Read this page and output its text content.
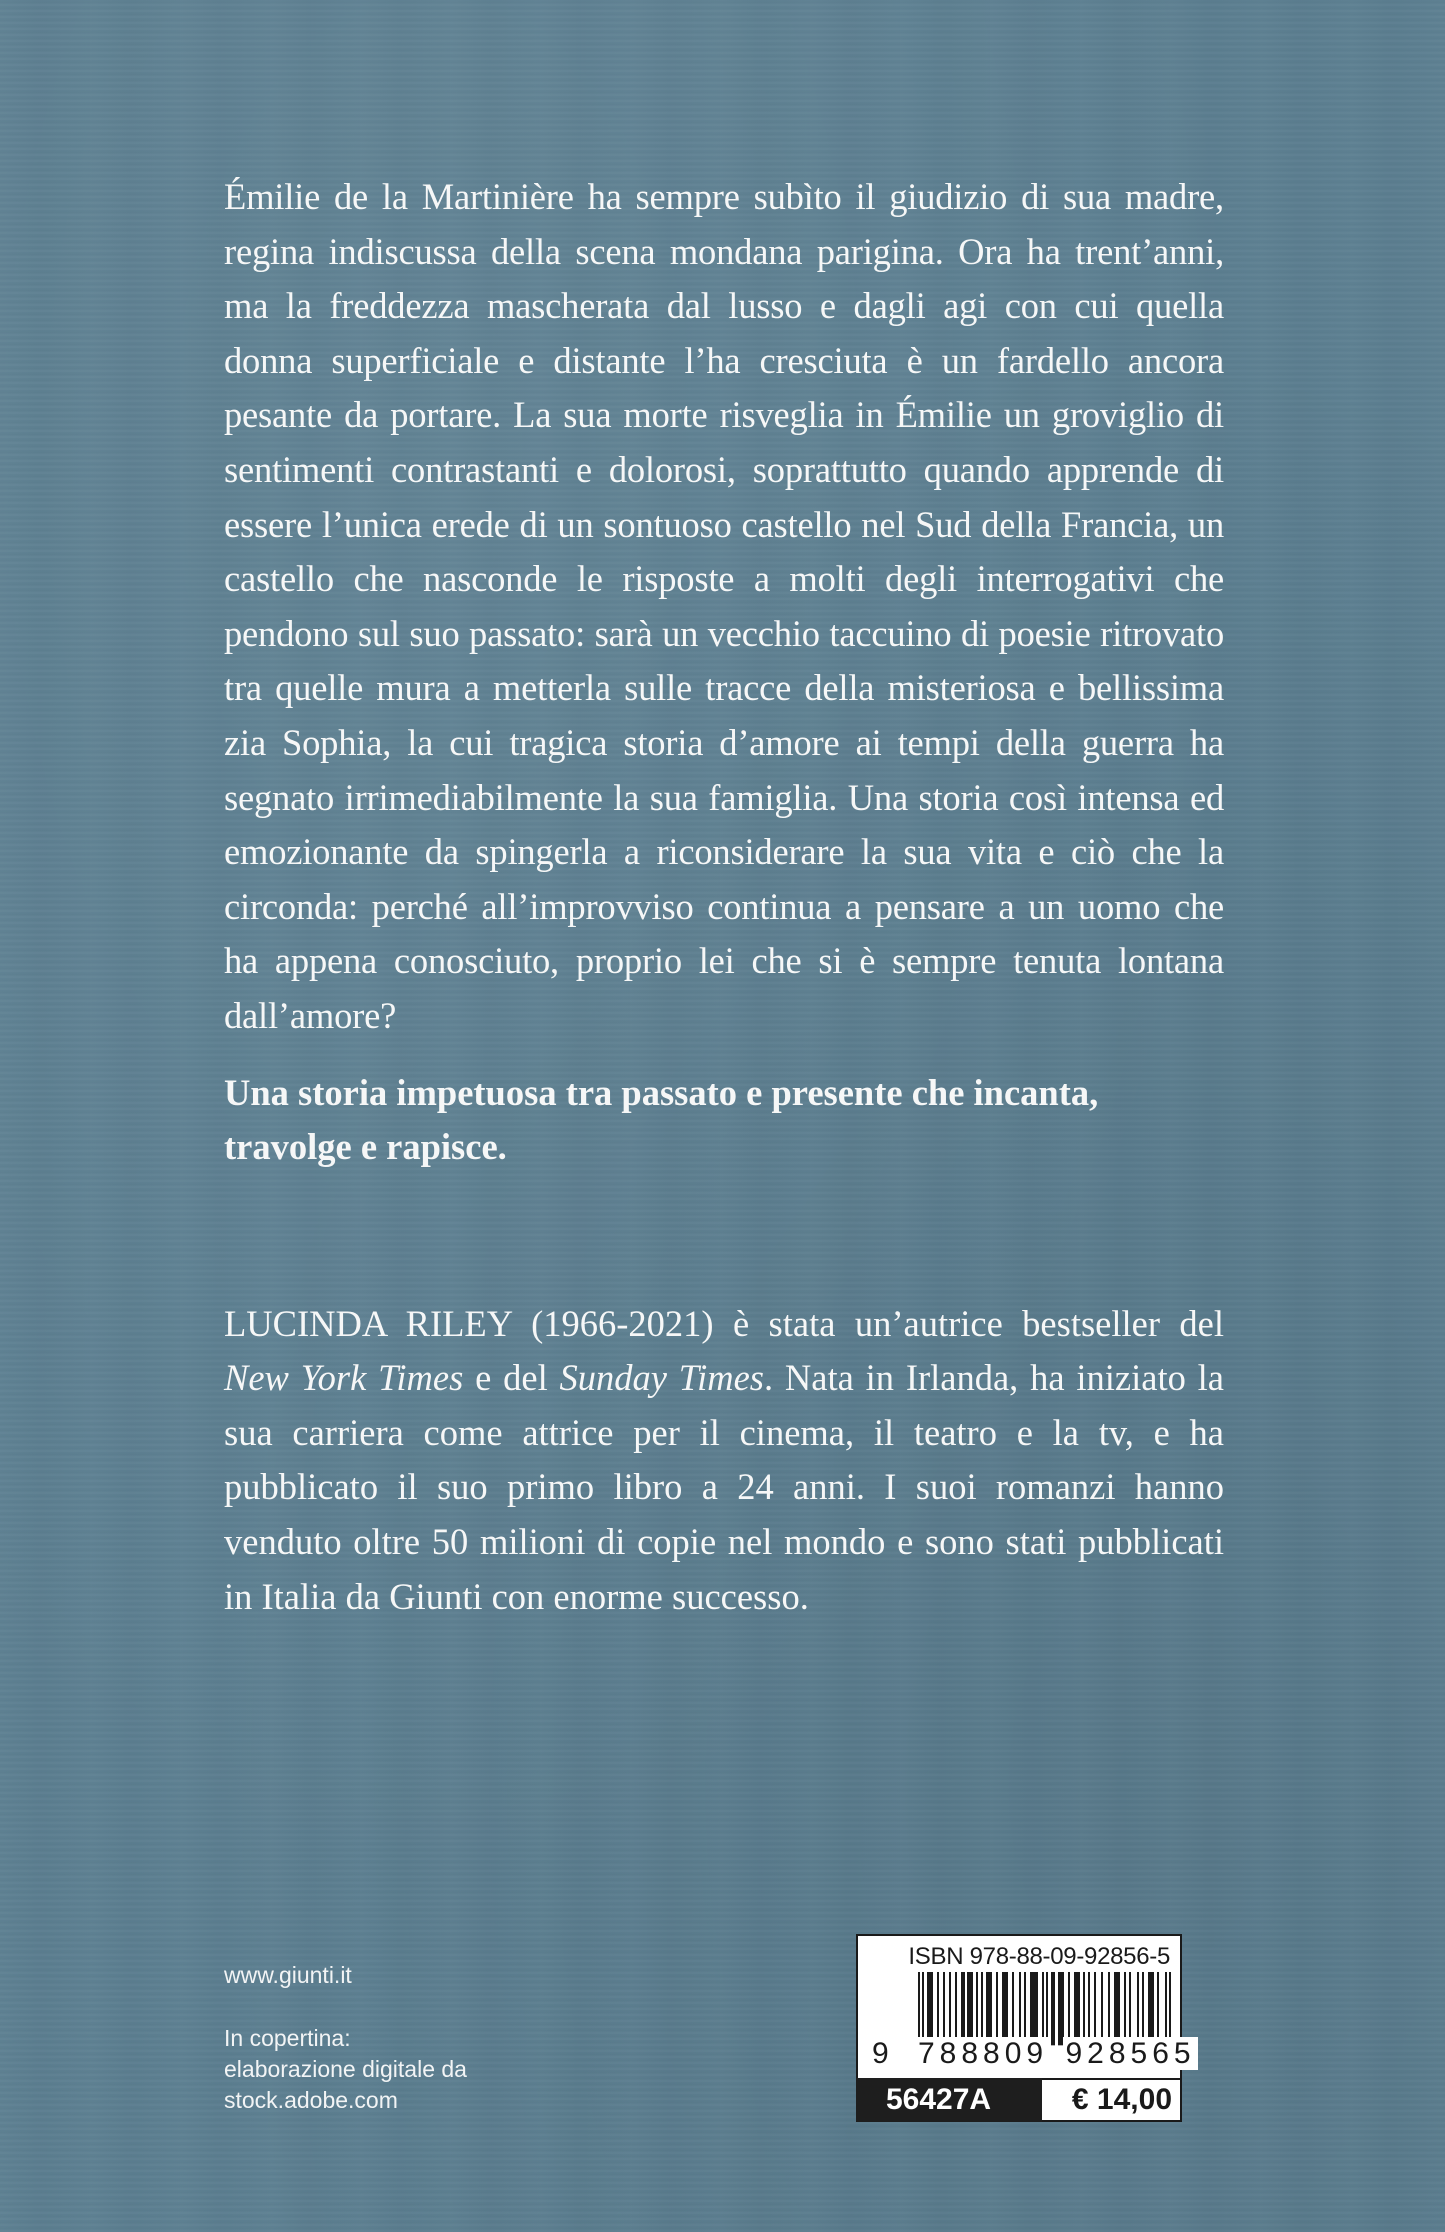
Émilie de la Martinière ha sempre subìto il giudizio di sua madre, regina indiscussa della scena mondana parigina. Ora ha trent’anni, ma la freddezza mascherata dal lusso e dagli agi con cui quella donna superficiale e distante l’ha cresciuta è un fardello ancora pesante da portare. La sua morte risveglia in Émilie un groviglio di sentimenti contrastanti e dolorosi, soprattutto quando apprende di essere l’unica erede di un sontuoso castello nel Sud della Francia, un castello che nasconde le risposte a molti degli interrogativi che pendono sul suo passato: sarà un vecchio taccuino di poesie ritrovato tra quelle mura a metterla sulle tracce della misteriosa e bellissima zia Sophia, la cui tragica storia d’amore ai tempi della guerra ha segnato irrimediabilmente la sua famiglia. Una storia così intensa ed emozionante da spingerla a riconsiderare la sua vita e ciò che la circonda: perché all’improvviso continua a pensare a un uomo che ha appena conosciuto, proprio lei che si è sempre tenuta lontana dall’amore?

Una storia impetuosa tra passato e presente che incanta, travolge e rapisce.

LUCINDA RILEY (1966-2021) è stata un’autrice bestseller del New York Times e del Sunday Times. Nata in Irlanda, ha iniziato la sua carriera come attrice per il cinema, il teatro e la tv, e ha pubblicato il suo primo libro a 24 anni. I suoi romanzi hanno venduto oltre 50 milioni di copie nel mondo e sono stati pubblicati in Italia da Giunti con enorme successo.

www.giunti.it

In copertina:

elaborazione digitale da

stock.adobe.com

ISBN 978-88-09-92856-5
9 788809 928565
56427A	€ 14,00
